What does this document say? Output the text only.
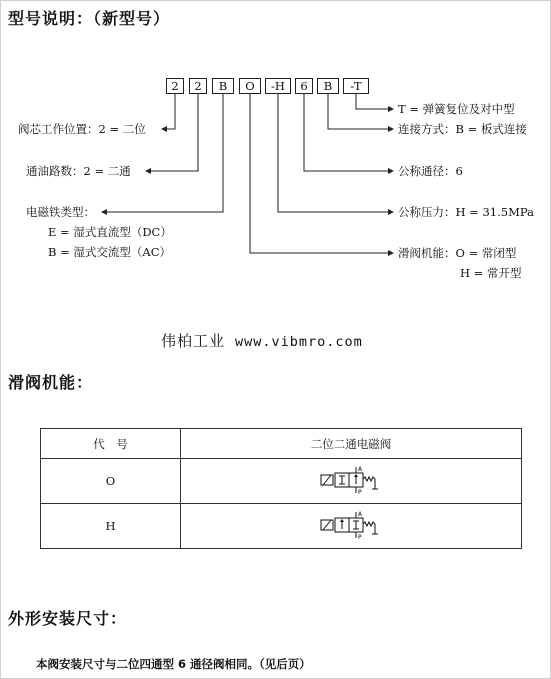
型号说明：（新型号）
2	2	B	O	-H	6	B	-T
阀芯工作位置：2 = 二位
通油路数：2 = 二通
电磁铁类型：
E = 湿式直流型（DC）
B = 湿式交流型（AC）
T = 弹簧复位及对中型
连接方式：B = 板式连接
公称通径：6
公称压力：H = 31.5MPa
滑阀机能：O = 常闭型
H = 常开型
伟柏工业 www.vibmro.com
滑阀机能：
代　号	二位二通电磁阀
O	A
P

H	A
P
外形安装尺寸：
本阀安装尺寸与二位四通型 6 通径阀相同。（见后页）
